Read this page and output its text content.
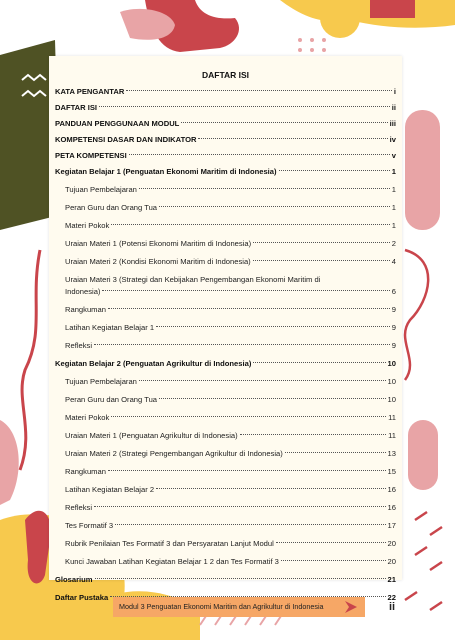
DAFTAR ISI
KATA PENGANTAR	i
DAFTAR ISI	ii
PANDUAN PENGGUNAAN MODUL	iii
KOMPETENSI DASAR DAN INDIKATOR	iv
PETA KOMPETENSI	v
Kegiatan Belajar 1 (Penguatan Ekonomi Maritim di Indonesia)	1
Tujuan Pembelajaran	1
Peran Guru dan Orang Tua	1
Materi Pokok	1
Uraian Materi 1 (Potensi Ekonomi Maritim di Indonesia)	2
Uraian Materi 2 (Kondisi Ekonomi Maritim di Indonesia)	4
Uraian Materi 3 (Strategi dan Kebijakan Pengembangan Ekonomi Maritim di
Indonesia)	6
Rangkuman	9
Latihan Kegiatan Belajar 1	9
Refleksi	9
Kegiatan Belajar 2 (Penguatan Agrikultur di Indonesia)	10
Tujuan Pembelajaran	10
Peran Guru dan Orang Tua	10
Materi Pokok	11
Uraian Materi 1 (Penguatan Agrikultur di Indonesia)	11
Uraian Materi 2 (Strategi Pengembangan Agrikultur di Indonesia)	13
Rangkuman	15
Latihan Kegiatan Belajar 2	16
Refleksi	16
Tes Formatif 3	17
Rubrik Penilaian Tes Formatif 3 dan Persyaratan Lanjut Modul	20
Kunci Jawaban Latihan Kegiatan Belajar 1 2 dan Tes Formatif 3	20
Glosarium	21
Daftar Pustaka	22
Modul 3 Penguatan Ekonomi Maritim dan Agrikultur di Indonesia	ii
